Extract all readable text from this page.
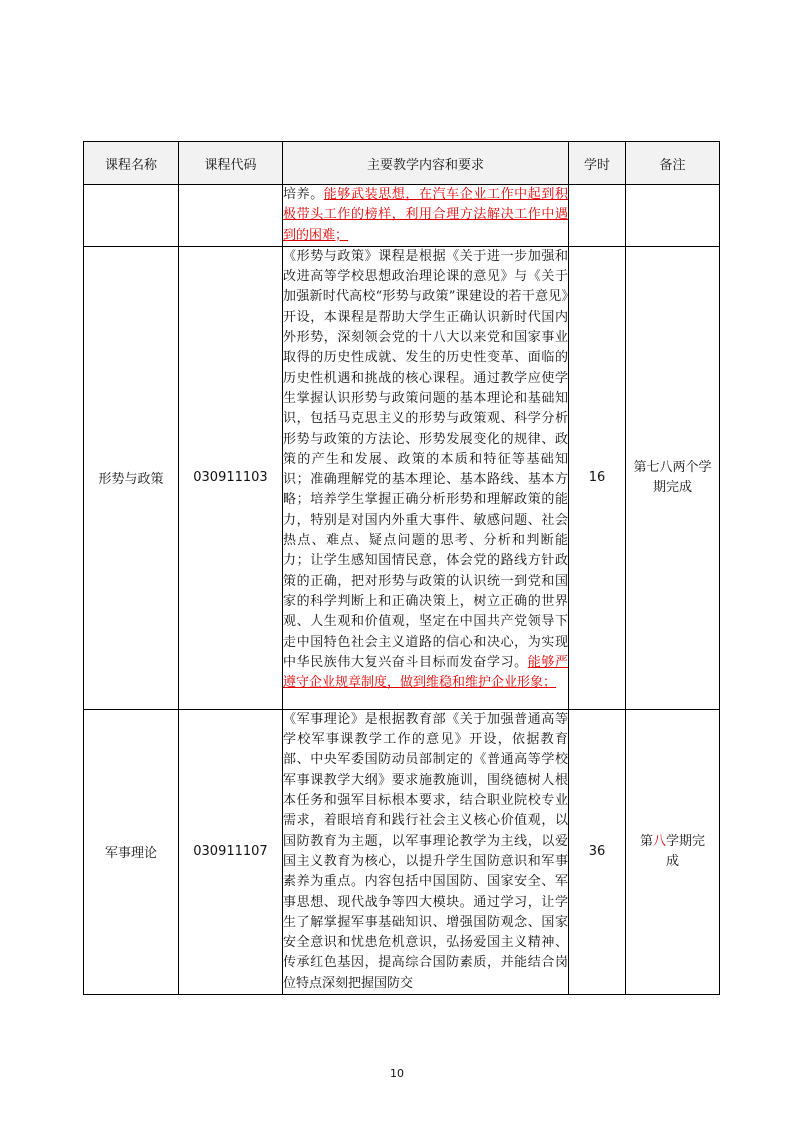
课程名称	课程代码	主要教学内容和要求	学时	备注
		培养。能够武装思想，在汽车企业工作中起到积极带头工作的榜样，利用合理方法解决工作中遇到的困难；		
形势与政策	030911103	《形势与政策》课程是根据《关于进一步加强和改进高等学校思想政治理论课的意见》与《关于加强新时代高校“形势与政策”课建设的若干意见》开设，本课程是帮助大学生正确认识新时代国内外形势，深刻领会党的十八大以来党和国家事业取得的历史性成就、发生的历史性变革、面临的历史性机遇和挑战的核心课程。通过教学应使学生掌握认识形势与政策问题的基本理论和基础知识，包括马克思主义的形势与政策观、科学分析形势与政策的方法论、形势发展变化的规律、政策的产生和发展、政策的本质和特征等基础知识；准确理解党的基本理论、基本路线、基本方略；培养学生掌握正确分析形势和理解政策的能力，特别是对国内外重大事件、敏感问题、社会热点、难点、疑点问题的思考、分析和判断能力；让学生感知国情民意，体会党的路线方针政策的正确，把对形势与政策的认识统一到党和国家的科学判断上和正确决策上，树立正确的世界观、人生观和价值观，坚定在中国共产党领导下走中国特色社会主义道路的信心和决心，为实现中华民族伟大复兴奋斗目标而发奋学习。能够严遵守企业规章制度，做到维稳和维护企业形象；	16	第七八两个学期完成
军事理论	030911107	《军事理论》是根据教育部《关于加强普通高等学校军事课教学工作的意见》开设，依据教育部、中央军委国防动员部制定的《普通高等学校军事课教学大纲》要求施教施训，围绕德树人根本任务和强军目标根本要求，结合职业院校专业需求，着眼培育和践行社会主义核心价值观，以国防教育为主题，以军事理论教学为主线，以爱国主义教育为核心，以提升学生国防意识和军事素养为重点。内容包括中国国防、国家安全、军事思想、现代战争等四大模块。通过学习，让学生了解掌握军事基础知识、增强国防观念、国家安全意识和忧患危机意识，弘扬爱国主义精神、传承红色基因，提高综合国防素质，并能结合岗位特点深刻把握国防交	36	第八学期完成
10
